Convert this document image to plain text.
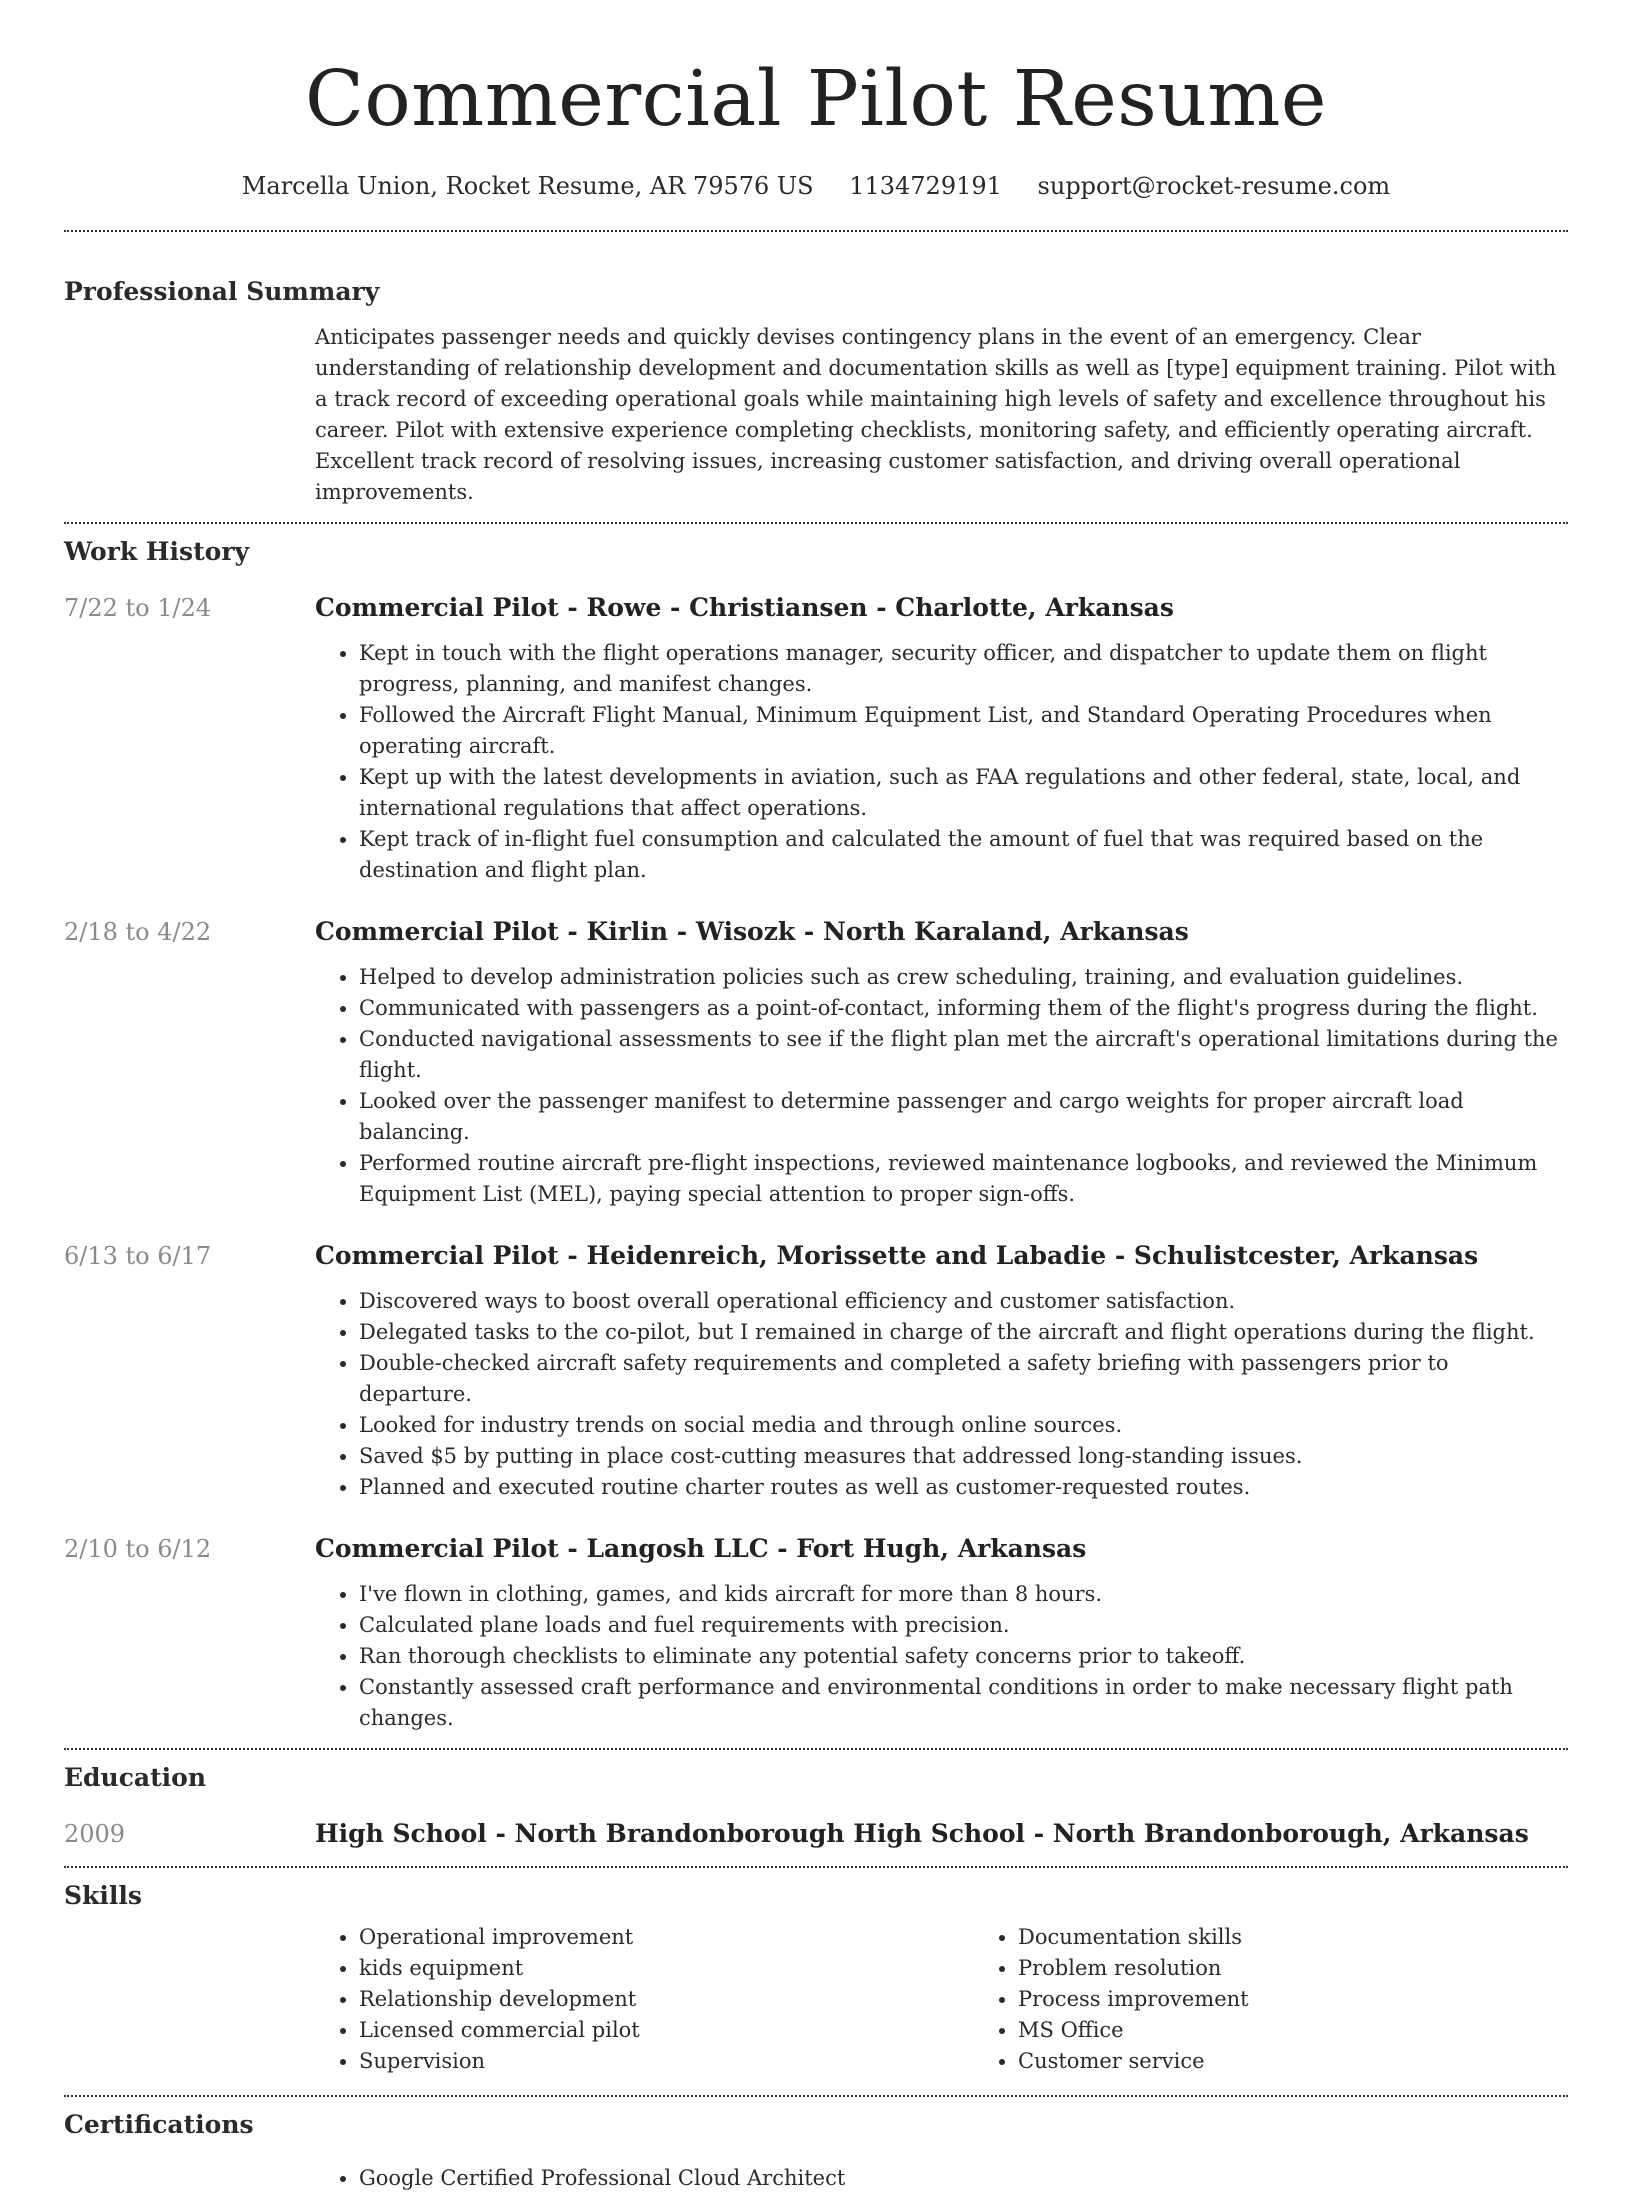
Commercial Pilot Resume
Marcella Union, Rocket Resume, AR 79576 US 1134729191 support@rocket-resume.com
Professional Summary

Anticipates passenger needs and quickly devises contingency plans in the event of an emergency. Clear understanding of relationship development and documentation skills as well as [type] equipment training. Pilot with a track record of exceeding operational goals while maintaining high levels of safety and excellence throughout his career. Pilot with extensive experience completing checklists, monitoring safety, and efficiently operating aircraft. Excellent track record of resolving issues, increasing customer satisfaction, and driving overall operational improvements.

Work History
7/22 to 1/24	Commercial Pilot - Rowe - Christiansen - Charlotte, Arkansas
• Kept in touch with the flight operations manager, security officer, and dispatcher to update them on flight progress, planning, and manifest changes.
• Followed the Aircraft Flight Manual, Minimum Equipment List, and Standard Operating Procedures when operating aircraft.
• Kept up with the latest developments in aviation, such as FAA regulations and other federal, state, local, and international regulations that affect operations.
• Kept track of in-flight fuel consumption and calculated the amount of fuel that was required based on the destination and flight plan.
2/18 to 4/22	Commercial Pilot - Kirlin - Wisozk - North Karaland, Arkansas
• Helped to develop administration policies such as crew scheduling, training, and evaluation guidelines.
• Communicated with passengers as a point-of-contact, informing them of the flight's progress during the flight.
• Conducted navigational assessments to see if the flight plan met the aircraft's operational limitations during the flight.
• Looked over the passenger manifest to determine passenger and cargo weights for proper aircraft load balancing.
• Performed routine aircraft pre-flight inspections, reviewed maintenance logbooks, and reviewed the Minimum Equipment List (MEL), paying special attention to proper sign-offs.
6/13 to 6/17	Commercial Pilot - Heidenreich, Morissette and Labadie - Schulistcester, Arkansas
• Discovered ways to boost overall operational efficiency and customer satisfaction.
• Delegated tasks to the co-pilot, but I remained in charge of the aircraft and flight operations during the flight.
• Double-checked aircraft safety requirements and completed a safety briefing with passengers prior to departure.
• Looked for industry trends on social media and through online sources.
• Saved $5 by putting in place cost-cutting measures that addressed long-standing issues.
• Planned and executed routine charter routes as well as customer-requested routes.
2/10 to 6/12	Commercial Pilot - Langosh LLC - Fort Hugh, Arkansas
• I've flown in clothing, games, and kids aircraft for more than 8 hours.
• Calculated plane loads and fuel requirements with precision.
• Ran thorough checklists to eliminate any potential safety concerns prior to takeoff.
• Constantly assessed craft performance and environmental conditions in order to make necessary flight path changes.
Education
2009	High School - North Brandonborough High School - North Brandonborough, Arkansas
Skills
• Operational improvement
• kids equipment
• Relationship development
• Licensed commercial pilot
• Supervision
• Documentation skills
• Problem resolution
• Process improvement
• MS Office
• Customer service
Certifications
• Google Certified Professional Cloud Architect
